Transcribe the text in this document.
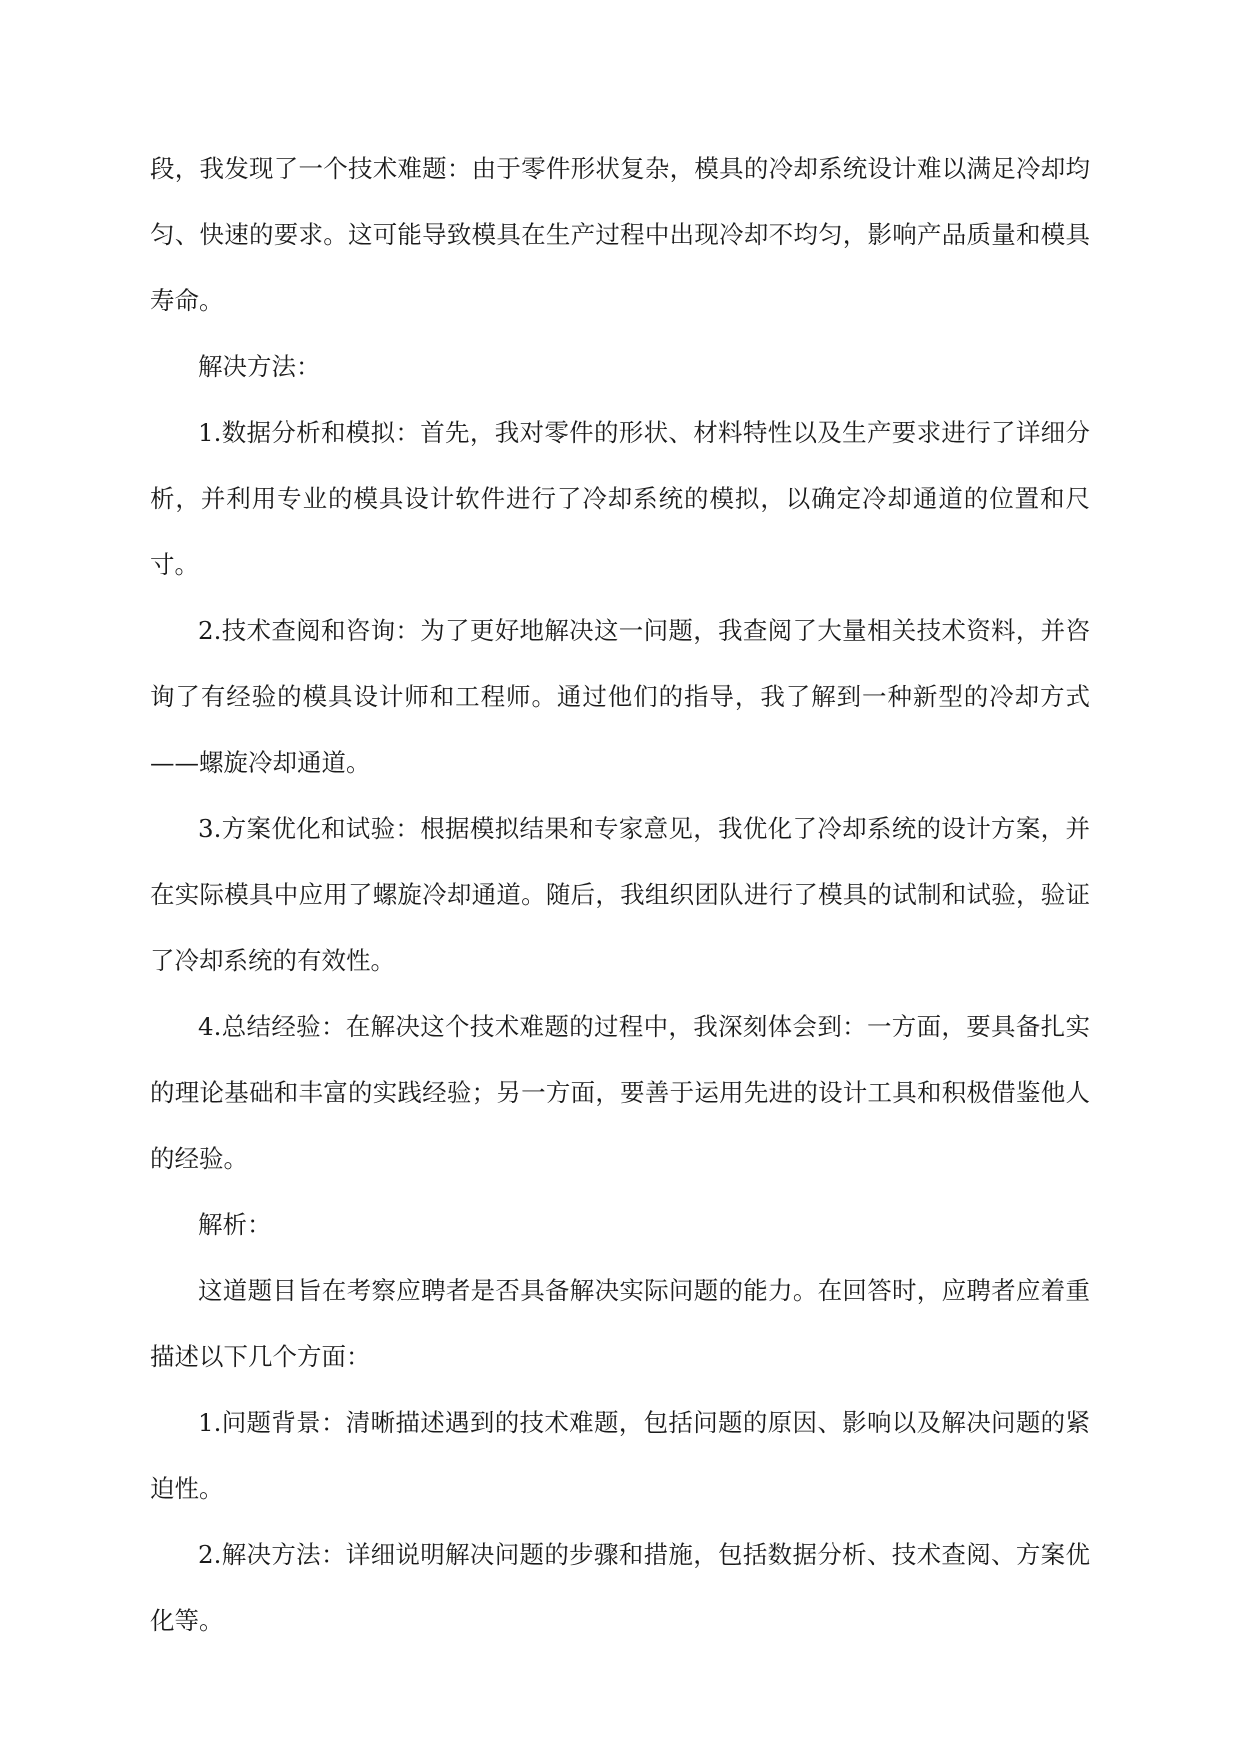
段，我发现了一个技术难题：由于零件形状复杂，模具的冷却系统设计难以满足冷却均匀、快速的要求。这可能导致模具在生产过程中出现冷却不均匀，影响产品质量和模具寿命。

解决方法：

1.数据分析和模拟：首先，我对零件的形状、材料特性以及生产要求进行了详细分析，并利用专业的模具设计软件进行了冷却系统的模拟，以确定冷却通道的位置和尺寸。

2.技术查阅和咨询：为了更好地解决这一问题，我查阅了大量相关技术资料，并咨询了有经验的模具设计师和工程师。通过他们的指导，我了解到一种新型的冷却方式——螺旋冷却通道。

3.方案优化和试验：根据模拟结果和专家意见，我优化了冷却系统的设计方案，并在实际模具中应用了螺旋冷却通道。随后，我组织团队进行了模具的试制和试验，验证了冷却系统的有效性。

4.总结经验：在解决这个技术难题的过程中，我深刻体会到：一方面，要具备扎实的理论基础和丰富的实践经验；另一方面，要善于运用先进的设计工具和积极借鉴他人的经验。

解析：

这道题目旨在考察应聘者是否具备解决实际问题的能力。在回答时，应聘者应着重描述以下几个方面：

1.问题背景：清晰描述遇到的技术难题，包括问题的原因、影响以及解决问题的紧迫性。

2.解决方法：详细说明解决问题的步骤和措施，包括数据分析、技术查阅、方案优化等。
